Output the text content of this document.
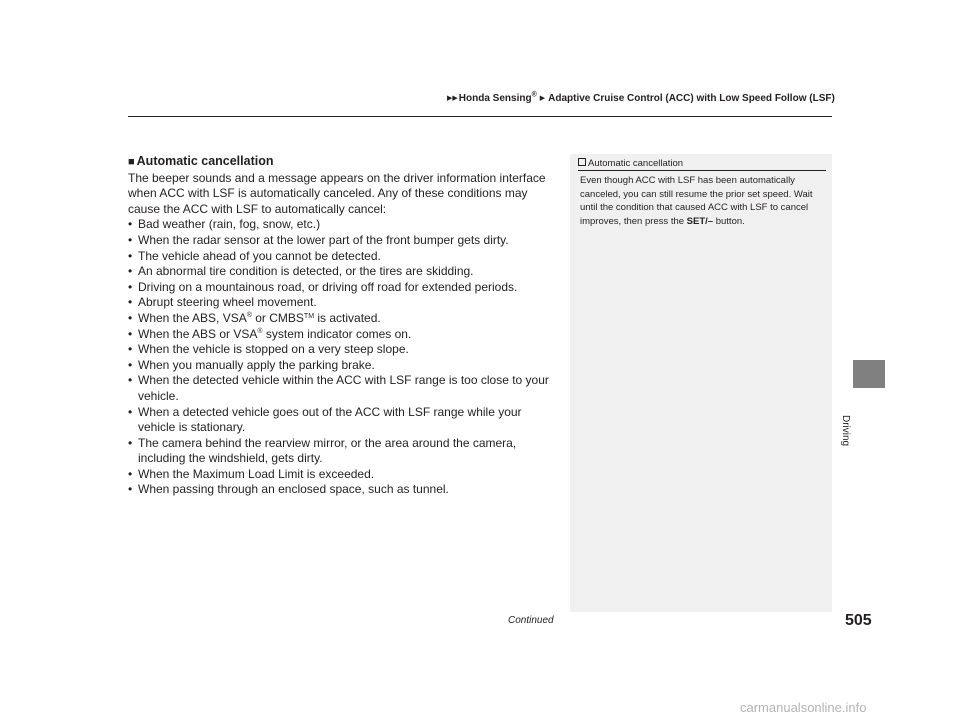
▶▶Honda Sensing® ▶ Adaptive Cruise Control (ACC) with Low Speed Follow (LSF)

■ Automatic cancellation

The beeper sounds and a message appears on the driver information interface when ACC with LSF is automatically canceled. Any of these conditions may cause the ACC with LSF to automatically cancel:

• Bad weather (rain, fog, snow, etc.)
• When the radar sensor at the lower part of the front bumper gets dirty.
• The vehicle ahead of you cannot be detected.
• An abnormal tire condition is detected, or the tires are skidding.
• Driving on a mountainous road, or driving off road for extended periods.
• Abrupt steering wheel movement.
• When the ABS, VSA® or CMBS™ is activated.
• When the ABS or VSA® system indicator comes on.
• When the vehicle is stopped on a very steep slope.
• When you manually apply the parking brake.
• When the detected vehicle within the ACC with LSF range is too close to your vehicle.
• When a detected vehicle goes out of the ACC with LSF range while your vehicle is stationary.
• The camera behind the rearview mirror, or the area around the camera, including the windshield, gets dirty.
• When the Maximum Load Limit is exceeded.
• When passing through an enclosed space, such as tunnel.
Automatic cancellation
Even though ACC with LSF has been automatically canceled, you can still resume the prior set speed. Wait until the condition that caused ACC with LSF to cancel improves, then press the SET/– button.
Continued	505
Driving
carmanualsonline.info
